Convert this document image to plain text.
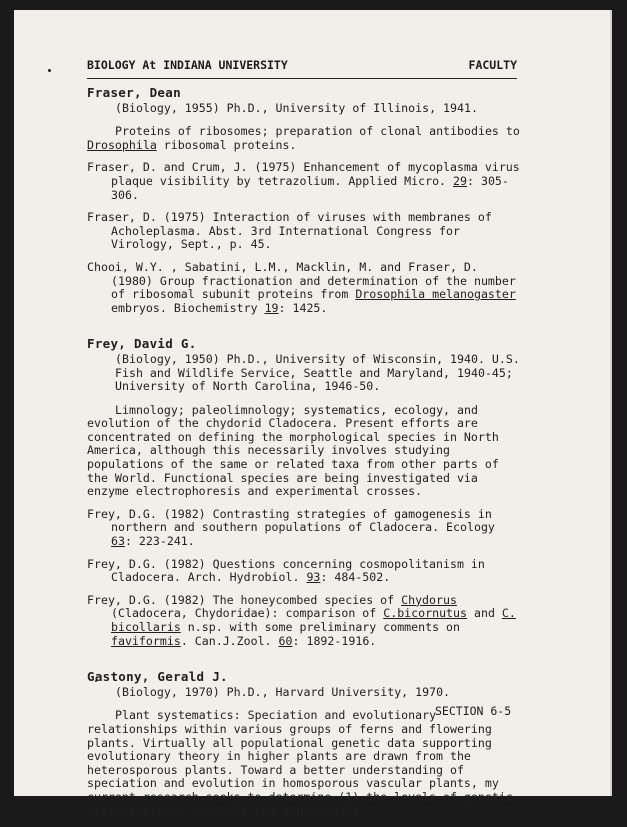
BIOLOGY At INDIANA UNIVERSITY	FACULTY
Fraser, Dean
(Biology, 1955) Ph.D., University of Illinois, 1941.
Proteins of ribosomes; preparation of clonal antibodies to Drosophila ribosomal proteins.
Fraser, D. and Crum, J. (1975) Enhancement of mycoplasma virus plaque visibility by tetrazolium. Applied Micro. 29: 305-306.
Fraser, D. (1975) Interaction of viruses with membranes of Acholeplasma. Abst. 3rd International Congress for Virology, Sept., p. 45.
Chooi, W.Y. , Sabatini, L.M., Macklin, M. and Fraser, D. (1980) Group fractionation and determination of the number of ribosomal subunit proteins from Drosophila melanogaster embryos. Biochemistry 19: 1425.
Frey, David G.
(Biology, 1950) Ph.D., University of Wisconsin, 1940. U.S. Fish and Wildlife Service, Seattle and Maryland, 1940-45; University of North Carolina, 1946-50.
Limnology; paleolimnology; systematics, ecology, and evolution of the chydorid Cladocera. Present efforts are concentrated on defining the morphological species in North America, although this necessarily involves studying populations of the same or related taxa from other parts of the World. Functional species are being investigated via enzyme electrophoresis and experimental crosses.
Frey, D.G. (1982) Contrasting strategies of gamogenesis in northern and southern populations of Cladocera. Ecology 63: 223-241.
Frey, D.G. (1982) Questions concerning cosmopolitanism in Cladocera. Arch. Hydrobiol. 93: 484-502.
Frey, D.G. (1982) The honeycombed species of Chydorus (Cladocera, Chydoridae): comparison of C.bicornutus and C. bicollaris n.sp. with some preliminary comments on faviformis. Can.J.Zool. 60: 1892-1916.
Gastony, Gerald J.
(Biology, 1970) Ph.D., Harvard University, 1970.
Plant systematics: Speciation and evolutionary relationships within various groups of ferns and flowering plants. Virtually all populational genetic data supporting evolutionary theory in higher plants are drawn from the heterosporous plants. Toward a better understanding of speciation and evolution in homosporous vascular plants, my current research seeks to determine (1) the levels of genetic variability in sexually and apogamously
SECTION 6-5
